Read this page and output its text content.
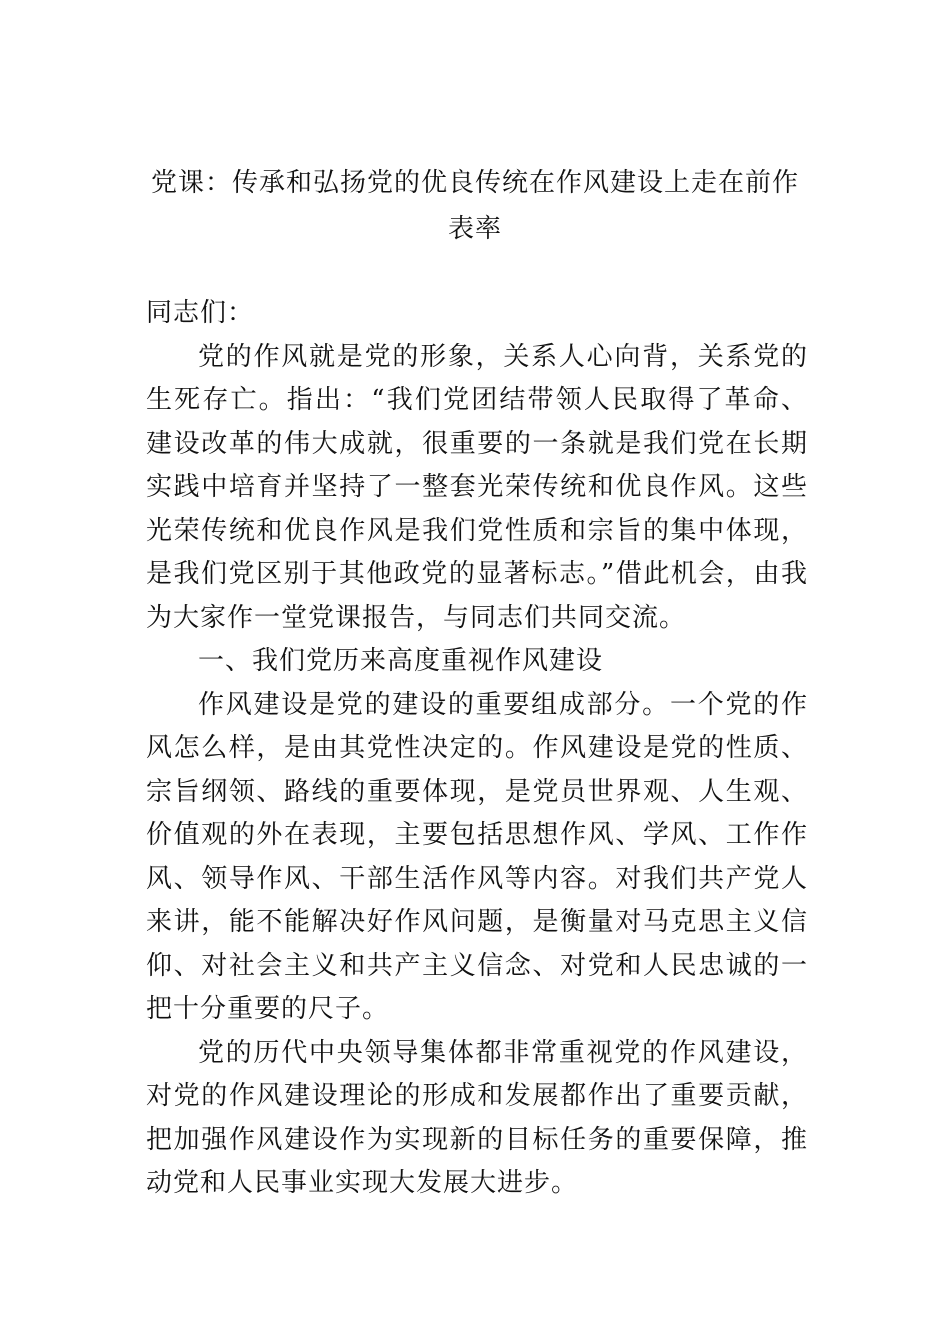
党课：传承和弘扬党的优良传统在作风建设上走在前作表率

同志们：

党的作风就是党的形象，关系人心向背，关系党的生死存亡。指出：“我们党团结带领人民取得了革命、建设改革的伟大成就，很重要的一条就是我们党在长期实践中培育并坚持了一整套光荣传统和优良作风。这些光荣传统和优良作风是我们党性质和宗旨的集中体现，是我们党区别于其他政党的显著标志。”借此机会，由我为大家作一堂党课报告，与同志们共同交流。

一、我们党历来高度重视作风建设

作风建设是党的建设的重要组成部分。一个党的作风怎么样，是由其党性决定的。作风建设是党的性质、宗旨纲领、路线的重要体现，是党员世界观、人生观、价值观的外在表现，主要包括思想作风、学风、工作作风、领导作风、干部生活作风等内容。对我们共产党人来讲，能不能解决好作风问题，是衡量对马克思主义信仰、对社会主义和共产主义信念、对党和人民忠诚的一把十分重要的尺子。

党的历代中央领导集体都非常重视党的作风建设，对党的作风建设理论的形成和发展都作出了重要贡献，把加强作风建设作为实现新的目标任务的重要保障，推动党和人民事业实现大发展大进步。
